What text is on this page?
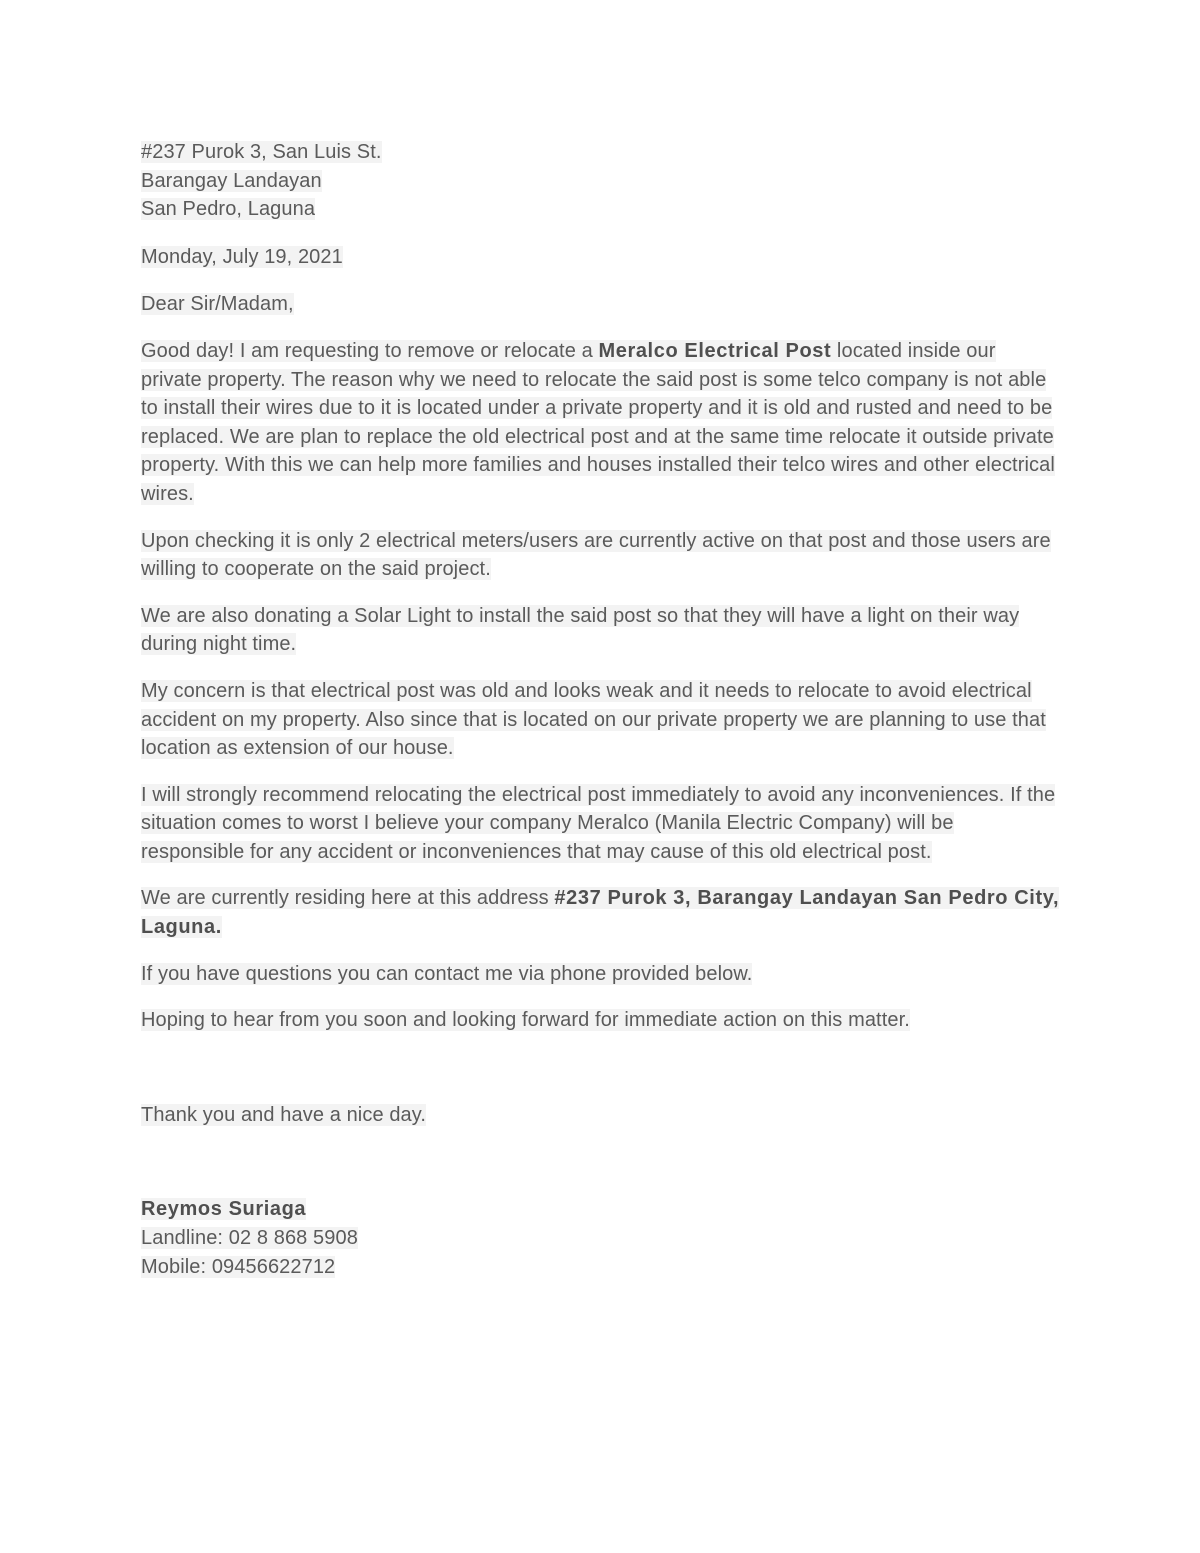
#237 Purok 3, San Luis St.
Barangay Landayan
San Pedro, Laguna

Monday, July 19, 2021

Dear Sir/Madam,

Good day! I am requesting to remove or relocate a Meralco Electrical Post located inside our private property. The reason why we need to relocate the said post is some telco company is not able to install their wires due to it is located under a private property and it is old and rusted and need to be replaced. We are plan to replace the old electrical post and at the same time relocate it outside private property. With this we can help more families and houses installed their telco wires and other electrical wires.

Upon checking it is only 2 electrical meters/users are currently active on that post and those users are willing to cooperate on the said project.

We are also donating a Solar Light to install the said post so that they will have a light on their way during night time.

My concern is that electrical post was old and looks weak and it needs to relocate to avoid electrical accident on my property. Also since that is located on our private property we are planning to use that location as extension of our house.

I will strongly recommend relocating the electrical post immediately to avoid any inconveniences. If the situation comes to worst I believe your company Meralco (Manila Electric Company) will be responsible for any accident or inconveniences that may cause of this old electrical post.

We are currently residing here at this address #237 Purok 3, Barangay Landayan San Pedro City, Laguna.

If you have questions you can contact me via phone provided below.

Hoping to hear from you soon and looking forward for immediate action on this matter.

Thank you and have a nice day.

Reymos Suriaga
Landline: 02 8 868 5908
Mobile: 09456622712
